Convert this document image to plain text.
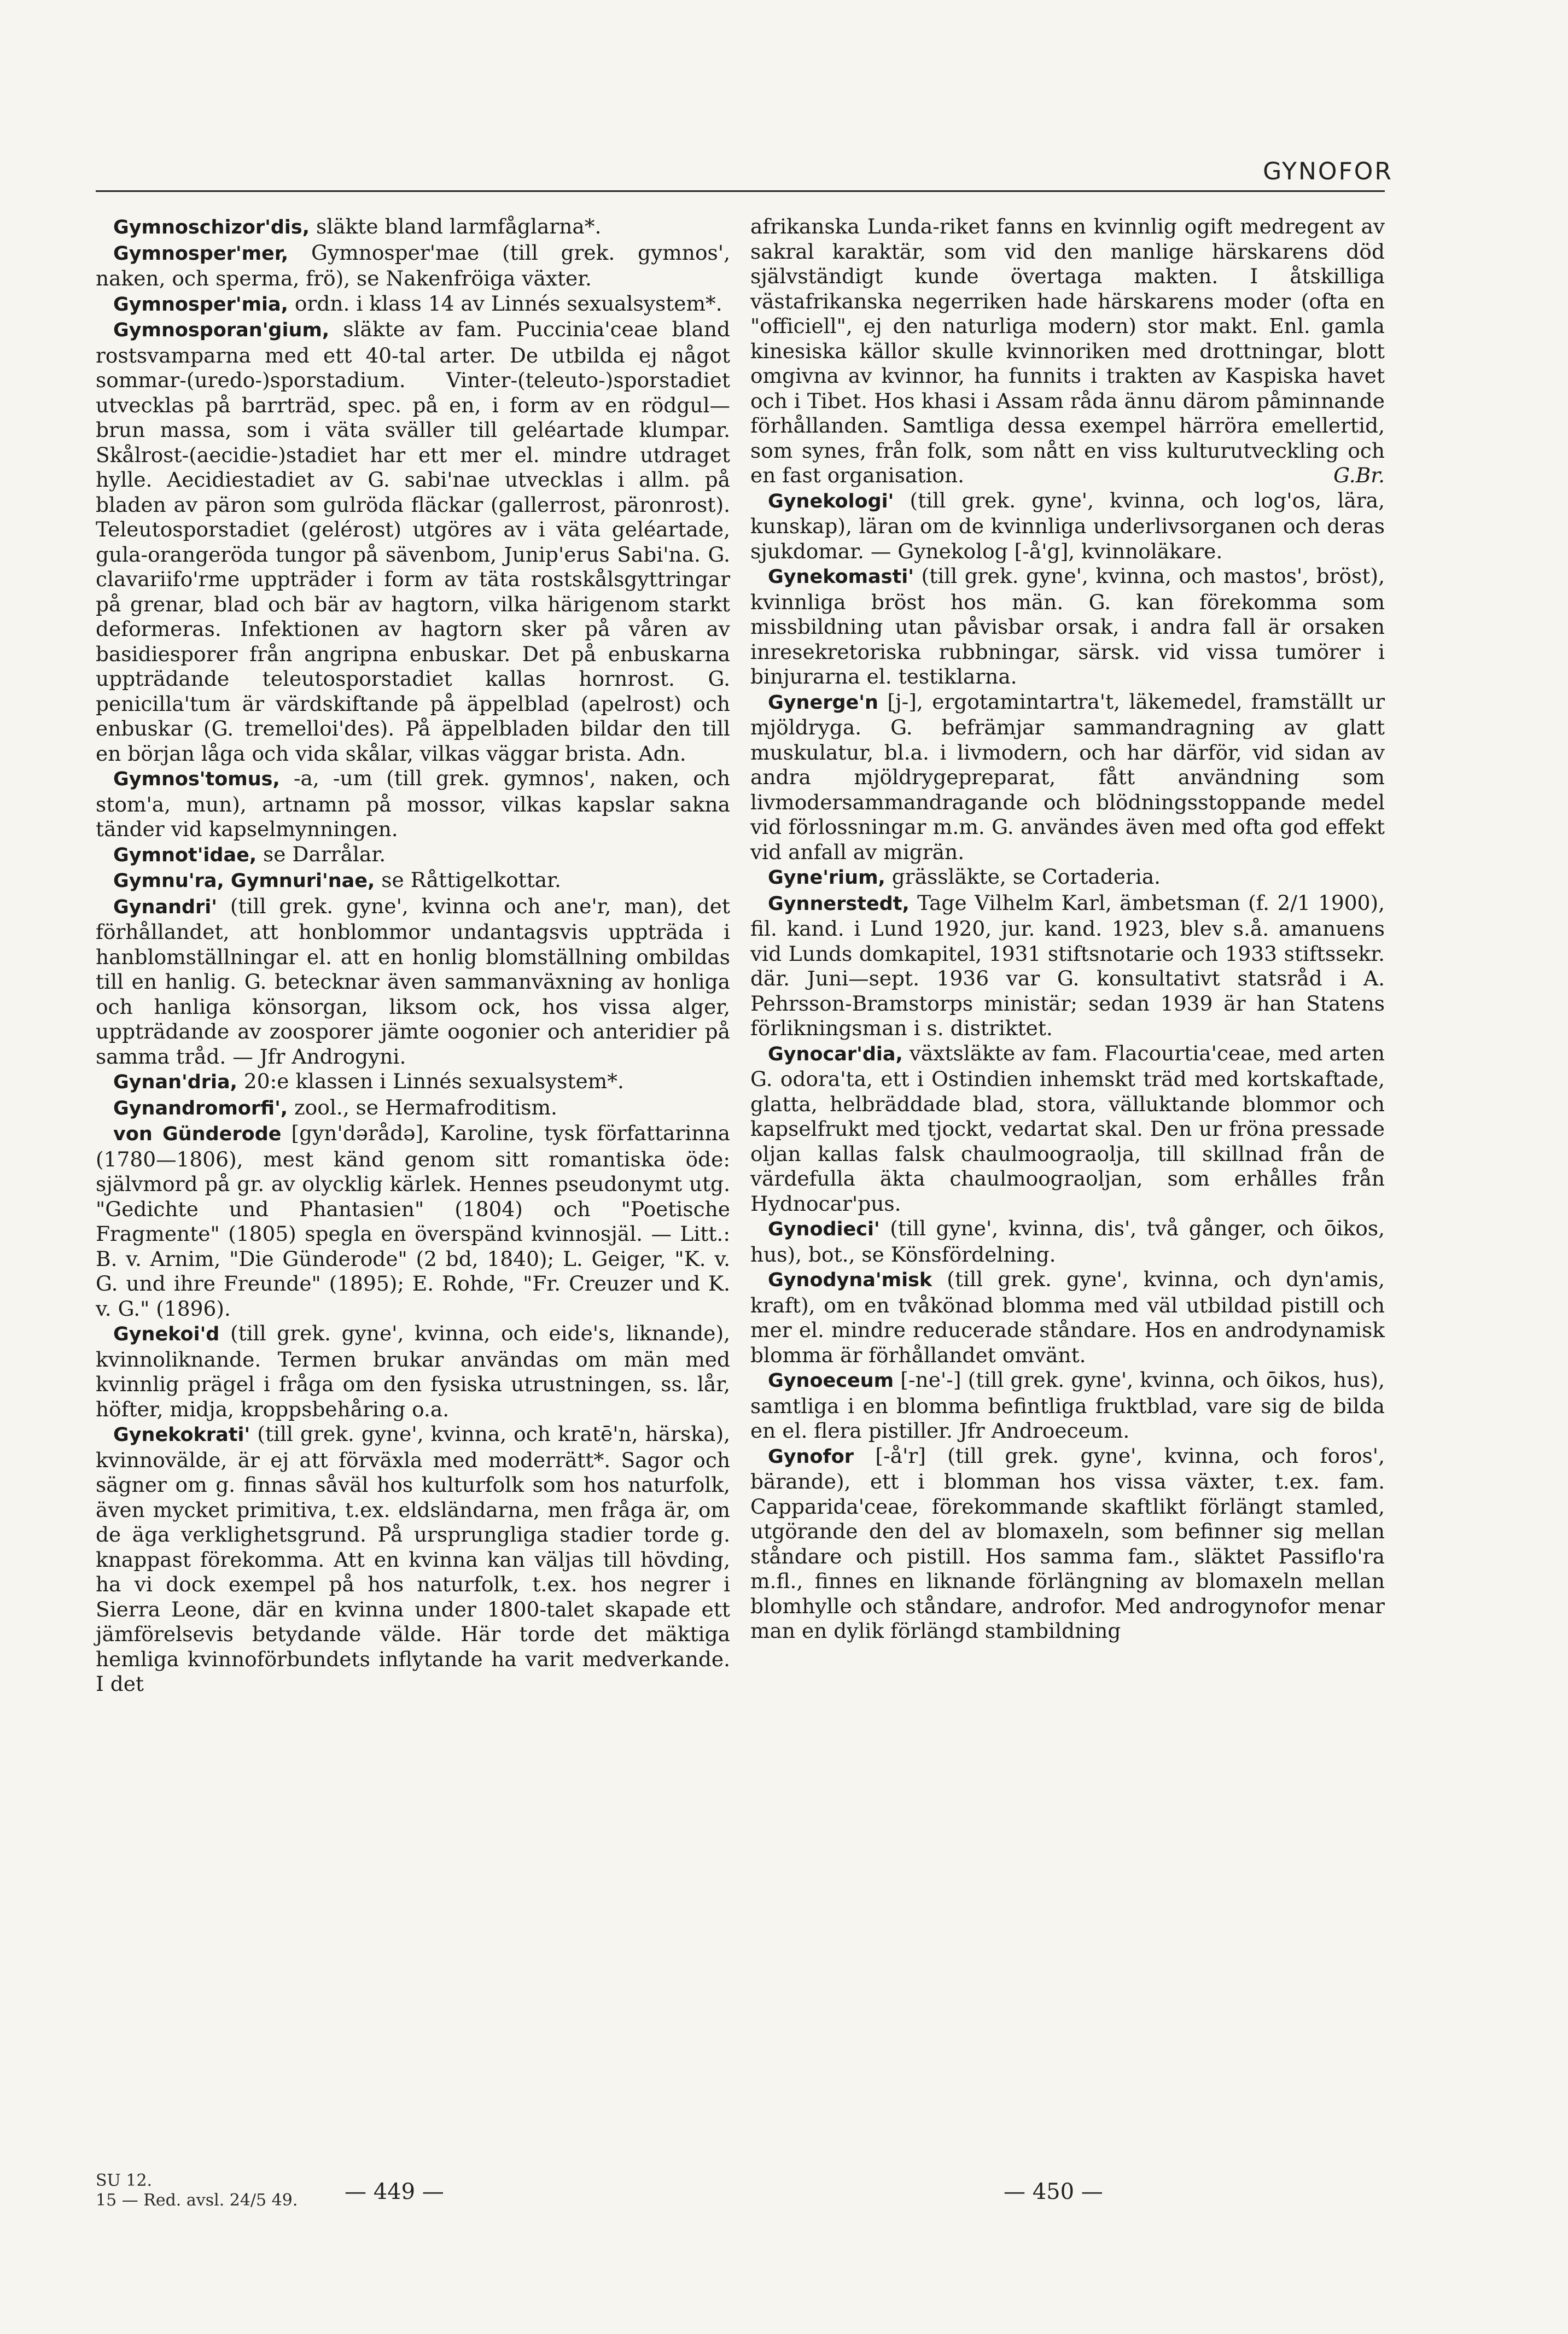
GYNOFOR

Gymnoschizor'dis, släkte bland larmfåglarna*.

Gymnosper'mer, Gymnosper'mae (till grek. gymnos', naken, och sperma, frö), se Nakenfröiga växter.

Gymnosper'mia, ordn. i klass 14 av Linnés sexualsystem*.

Gymnosporan'gium, släkte av fam. Puccinia'ceae bland rostsvamparna med ett 40-tal arter. De utbilda ej något sommar-(uredo-)sporstadium. Vinter-(teleuto-)sporstadiet utvecklas på barrträd, spec. på en, i form av en rödgul—brun massa, som i väta sväller till geléartade klumpar. Skålrost-(aecidie-)stadiet har ett mer el. mindre utdraget hylle. Aecidiestadiet av G. sabi'nae utvecklas i allm. på bladen av päron som gulröda fläckar (gallerrost, päronrost). Teleutosporstadiet (gelérost) utgöres av i väta geléartade, gula-orangeröda tungor på sävenbom, Junip'erus Sabi'na. G. clavariifo'rme uppträder i form av täta rostskålsgyttringar på grenar, blad och bär av hagtorn, vilka härigenom starkt deformeras. Infektionen av hagtorn sker på våren av basidiesporer från angripna enbuskar. Det på enbuskarna uppträdande teleutosporstadiet kallas hornrost. G. penicilla'tum är värdskiftande på äppelblad (apelrost) och enbuskar (G. tremelloi'des). På äppelbladen bildar den till en början låga och vida skålar, vilkas väggar brista. Adn.

Gymnos'tomus, -a, -um (till grek. gymnos', naken, och stom'a, mun), artnamn på mossor, vilkas kapslar sakna tänder vid kapselmynningen.

Gymnot'idae, se Darrålar.

Gymnu'ra, Gymnuri'nae, se Råttigelkottar.

Gynandri' (till grek. gyne', kvinna och ane'r, man), det förhållandet, att honblommor undantagsvis uppträda i hanblomställningar el. att en honlig blomställning ombildas till en hanlig. G. betecknar även sammanväxning av honliga och hanliga könsorgan, liksom ock, hos vissa alger, uppträdande av zoosporer jämte oogonier och anteridier på samma tråd. — Jfr Androgyni.

Gynan'dria, 20:e klassen i Linnés sexualsystem*.

Gynandromorfi', zool., se Hermafroditism.

von Günderode [gyn'dərådə], Karoline, tysk författarinna (1780—1806), mest känd genom sitt romantiska öde: självmord på gr. av olycklig kärlek. Hennes pseudonymt utg. "Gedichte und Phantasien" (1804) och "Poetische Fragmente" (1805) spegla en överspänd kvinnosjäl. — Litt.: B. v. Arnim, "Die Günderode" (2 bd, 1840); L. Geiger, "K. v. G. und ihre Freunde" (1895); E. Rohde, "Fr. Creuzer und K. v. G." (1896).

Gynekoi'd (till grek. gyne', kvinna, och eide's, liknande), kvinnoliknande. Termen brukar användas om män med kvinnlig prägel i fråga om den fysiska utrustningen, ss. lår, höfter, midja, kroppsbehåring o.a.

Gynekokrati' (till grek. gyne', kvinna, och kratē'n, härska), kvinnovälde, är ej att förväxla med moderrätt*. Sagor och sägner om g. finnas såväl hos kulturfolk som hos naturfolk, även mycket primitiva, t.ex. eldsländarna, men fråga är, om de äga verklighetsgrund. På ursprungliga stadier torde g. knappast förekomma. Att en kvinna kan väljas till hövding, ha vi dock exempel på hos naturfolk, t.ex. hos negrer i Sierra Leone, där en kvinna under 1800-talet skapade ett jämförelsevis betydande välde. Här torde det mäktiga hemliga kvinnoförbundets inflytande ha varit medverkande. I det

afrikanska Lunda-riket fanns en kvinnlig ogift medregent av sakral karaktär, som vid den manlige härskarens död självständigt kunde övertaga makten. I åtskilliga västafrikanska negerriken hade härskarens moder (ofta en "officiell", ej den naturliga modern) stor makt. Enl. gamla kinesiska källor skulle kvinnoriken med drottningar, blott omgivna av kvinnor, ha funnits i trakten av Kaspiska havet och i Tibet. Hos khasi i Assam råda ännu därom påminnande förhållanden. Samtliga dessa exempel härröra emellertid, som synes, från folk, som nått en viss kulturutveckling och en fast organisation.	G.Br.

Gynekologi' (till grek. gyne', kvinna, och log'os, lära, kunskap), läran om de kvinnliga underlivsorganen och deras sjukdomar. — Gynekolog [-å'g], kvinnoläkare.

Gynekomasti' (till grek. gyne', kvinna, och mastos', bröst), kvinnliga bröst hos män. G. kan förekomma som missbildning utan påvisbar orsak, i andra fall är orsaken inresekretoriska rubbningar, särsk. vid vissa tumörer i binjurarna el. testiklarna.

Gynerge'n [j-], ergotamintartra't, läkemedel, framställt ur mjöldryga. G. befrämjar sammandragning av glatt muskulatur, bl.a. i livmodern, och har därför, vid sidan av andra mjöldrygepreparat, fått användning som livmodersammandragande och blödningsstoppande medel vid förlossningar m.m. G. användes även med ofta god effekt vid anfall av migrän.

Gyne'rium, grässläkte, se Cortaderia.

Gynnerstedt, Tage Vilhelm Karl, ämbetsman (f. 2/1 1900), fil. kand. i Lund 1920, jur. kand. 1923, blev s.å. amanuens vid Lunds domkapitel, 1931 stiftsnotarie och 1933 stiftssekr. där. Juni—sept. 1936 var G. konsultativt statsråd i A. Pehrsson-Bramstorps ministär; sedan 1939 är han Statens förlikningsman i s. distriktet.

Gynocar'dia, växtsläkte av fam. Flacourtia'ceae, med arten G. odora'ta, ett i Ostindien inhemskt träd med kortskaftade, glatta, helbräddade blad, stora, välluktande blommor och kapselfrukt med tjockt, vedartat skal. Den ur fröna pressade oljan kallas falsk chaulmoograolja, till skillnad från de värdefulla äkta chaulmoograoljan, som erhålles från Hydnocar'pus.

Gynodieci' (till gyne', kvinna, dis', två gånger, och ōikos, hus), bot., se Könsfördelning.

Gynodyna'misk (till grek. gyne', kvinna, och dyn'amis, kraft), om en tvåkönad blomma med väl utbildad pistill och mer el. mindre reducerade ståndare. Hos en androdynamisk blomma är förhållandet omvänt.

Gynoeceum [-ne'-] (till grek. gyne', kvinna, och ōikos, hus), samtliga i en blomma befintliga fruktblad, vare sig de bilda en el. flera pistiller. Jfr Androeceum.

Gynofor [-å'r] (till grek. gyne', kvinna, och foros', bärande), ett i blomman hos vissa växter, t.ex. fam. Capparida'ceae, förekommande skaftlikt förlängt stamled, utgörande den del av blomaxeln, som befinner sig mellan ståndare och pistill. Hos samma fam., släktet Passiflo'ra m.fl., finnes en liknande förlängning av blomaxeln mellan blomhylle och ståndare, androfor. Med androgynofor menar man en dylik förlängd stambildning

SU 12.
15 — Red. avsl. 24/5 49. — 449 —	— 450 —
